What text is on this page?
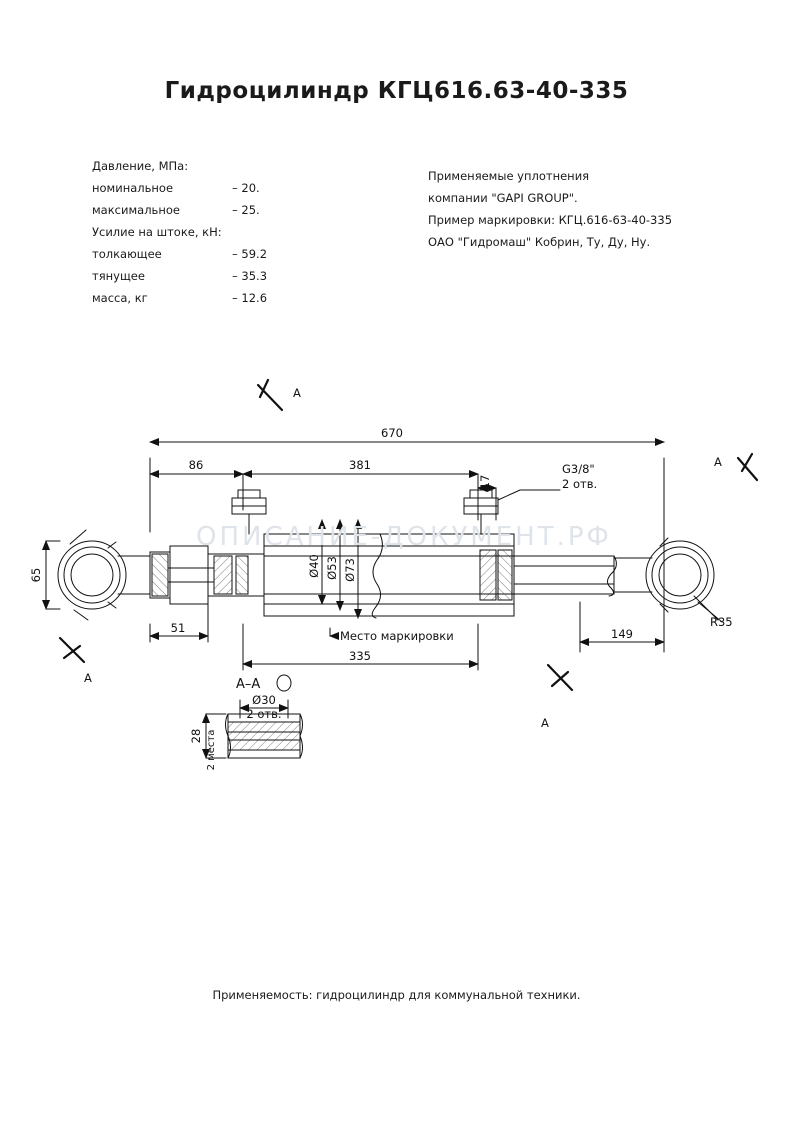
Гидроцилиндр КГЦ616.63-40-335
Давление, МПа:
номинальное	– 20.
максимальное	– 25.
Усилие на штоке, кН:
толкающее	– 59.2
тянущее	– 35.3
масса, кг	– 12.6
Применяемые уплотнения
компании "GAPI GROUP".
Пример маркировки: КГЦ.616-63-40-335
ОАО "Гидромаш" Кобрин, Ту, Ду, Ну.
A
A
A
A
670
86	381
17
G3/8"
2 отв.
65	Ø40 Ø53 Ø73
51
335
149
R35
Место маркировки
A–A
Ø30
2 отв.
28 2 места
ОПИСАНИЕ-ДОКУМЕНТ.РФ
Применяемость: гидроцилиндр для коммунальной техники.
